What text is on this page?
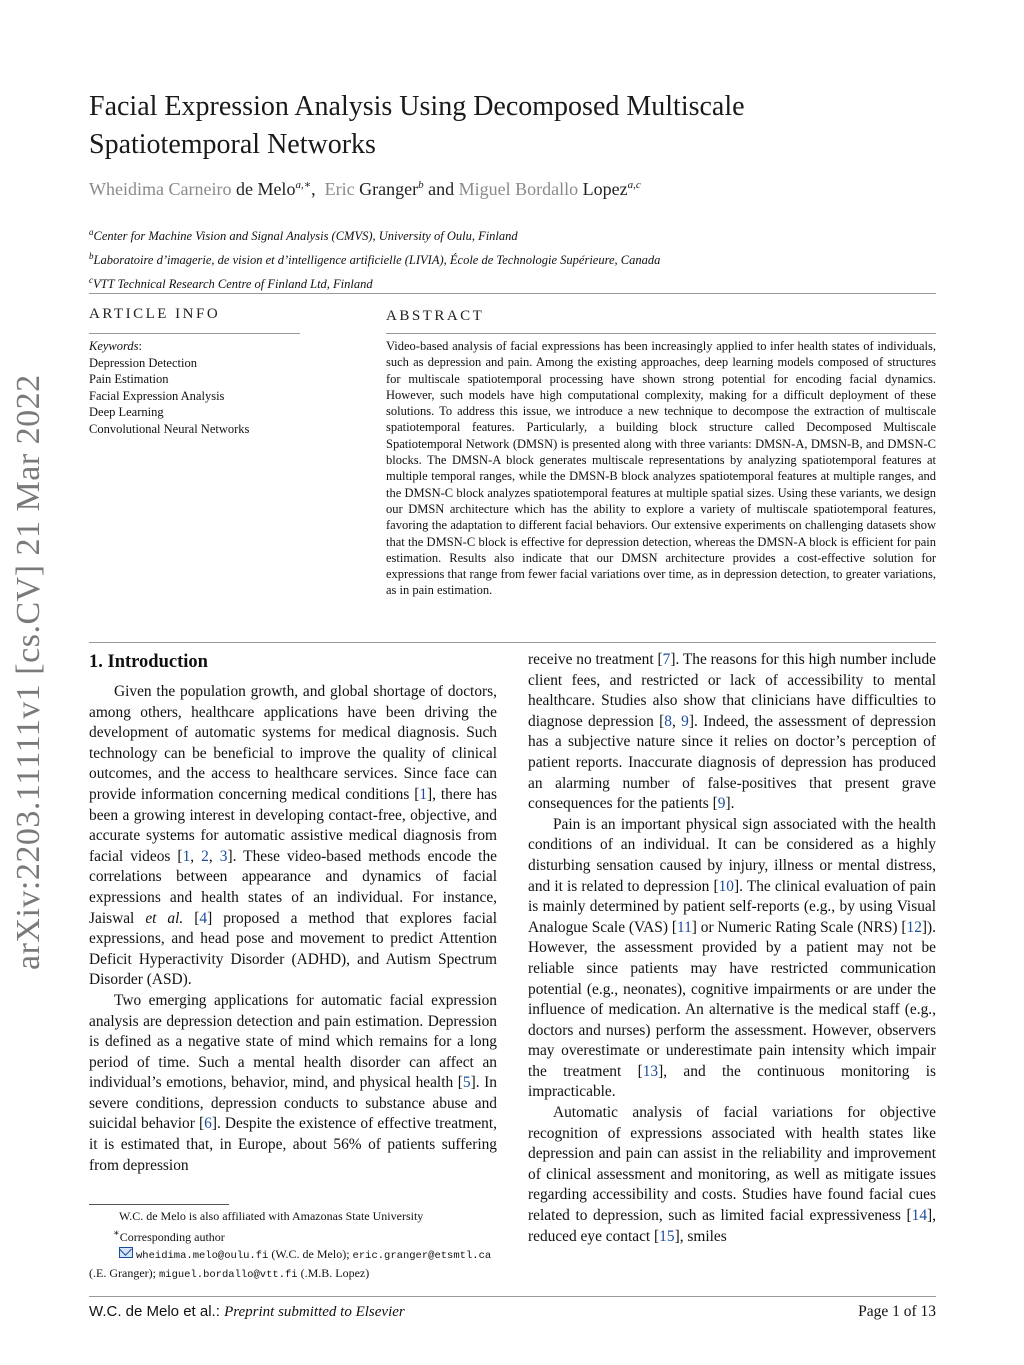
arXiv:2203.11111v1 [cs.CV] 21 Mar 2022
Facial Expression Analysis Using Decomposed Multiscale
Spatiotemporal Networks
Wheidima Carneiro de Melo$^{a,∗}$,  Eric Granger$^b$ and Miguel Bordallo Lopez$^{a,c}$
$^a$Center for Machine Vision and Signal Analysis (CMVS), University of Oulu, Finland
$^b$Laboratoire d’imagerie, de vision et d’intelligence artificielle (LIVIA), École de Technologie Supérieure, Canada
$^c$VTT Technical Research Centre of Finland Ltd, Finland
ARTICLE INFO	ABSTRACT
Keywords:
Depression Detection
Pain Estimation
Facial Expression Analysis
Deep Learning
Convolutional Neural Networks
Video-based analysis of facial expressions has been increasingly applied to infer health states of individuals, such as depression and pain. Among the existing approaches, deep learning models composed of structures for multiscale spatiotemporal processing have shown strong potential for encoding facial dynamics. However, such models have high computational complexity, making for a difficult deployment of these solutions. To address this issue, we introduce a new technique to decompose the extraction of multiscale spatiotemporal features. Particularly, a building block structure called Decomposed Multiscale Spatiotemporal Network (DMSN) is presented along with three variants: DMSN-A, DMSN-B, and DMSN-C blocks. The DMSN-A block generates multiscale representations by analyzing spatiotemporal features at multiple temporal ranges, while the DMSN-B block analyzes spatiotemporal features at multiple ranges, and the DMSN-C block analyzes spatiotemporal features at multiple spatial sizes. Using these variants, we design our DMSN architecture which has the ability to explore a variety of multiscale spatiotemporal features, favoring the adaptation to different facial behaviors. Our extensive experiments on challenging datasets show that the DMSN-C block is effective for depression detection, whereas the DMSN-A block is efficient for pain estimation. Results also indicate that our DMSN architecture provides a cost-effective solution for expressions that range from fewer facial variations over time, as in depression detection, to greater variations, as in pain estimation.
1. Introduction

Given the population growth, and global shortage of doctors, among others, healthcare applications have been driving the development of automatic systems for medical diagnosis. Such technology can be beneficial to improve the quality of clinical outcomes, and the access to healthcare services. Since face can provide information concerning medical conditions [1], there has been a growing interest in developing contact-free, objective, and accurate systems for automatic assistive medical diagnosis from facial videos [1, 2, 3]. These video-based methods encode the correlations between appearance and dynamics of facial expressions and health states of an individual. For instance, Jaiswal et al. [4] proposed a method that explores facial expressions, and head pose and movement to predict Attention Deficit Hyperactivity Disorder (ADHD), and Autism Spectrum Disorder (ASD).

Two emerging applications for automatic facial expression analysis are depression detection and pain estimation. Depression is defined as a negative state of mind which remains for a long period of time. Such a mental health disorder can affect an individual’s emotions, behavior, mind, and physical health [5]. In severe conditions, depression conducts to substance abuse and suicidal behavior [6]. Despite the existence of effective treatment, it is estimated that, in Europe, about 56% of patients suffering from depression

receive no treatment [7]. The reasons for this high number include client fees, and restricted or lack of accessibility to mental healthcare. Studies also show that clinicians have difficulties to diagnose depression [8, 9]. Indeed, the assessment of depression has a subjective nature since it relies on doctor’s perception of patient reports. Inaccurate diagnosis of depression has produced an alarming number of false-positives that present grave consequences for the patients [9].

Pain is an important physical sign associated with the health conditions of an individual. It can be considered as a highly disturbing sensation caused by injury, illness or mental distress, and it is related to depression [10]. The clinical evaluation of pain is mainly determined by patient self-reports (e.g., by using Visual Analogue Scale (VAS) [11] or Numeric Rating Scale (NRS) [12]). However, the assessment provided by a patient may not be reliable since patients may have restricted communication potential (e.g., neonates), cognitive impairments or are under the influence of medication. An alternative is the medical staff (e.g., doctors and nurses) perform the assessment. However, observers may overestimate or underestimate pain intensity which impair the treatment [13], and the continuous monitoring is impracticable.

Automatic analysis of facial variations for objective recognition of expressions associated with health states like depression and pain can assist in the reliability and improvement of clinical assessment and monitoring, as well as mitigate issues regarding accessibility and costs. Studies have found facial cues related to depression, such as limited facial expressiveness [14], reduced eye contact [15], smiles

W.C. de Melo is also affiliated with Amazonas State University
∗Corresponding author
wheidima.melo@oulu.fi (W.C. de Melo); eric.granger@etsmtl.ca
(.E. Granger); miguel.bordallo@vtt.fi (.M.B. Lopez)
W.C. de Melo et al.: Preprint submitted to Elsevier	Page 1 of 13
